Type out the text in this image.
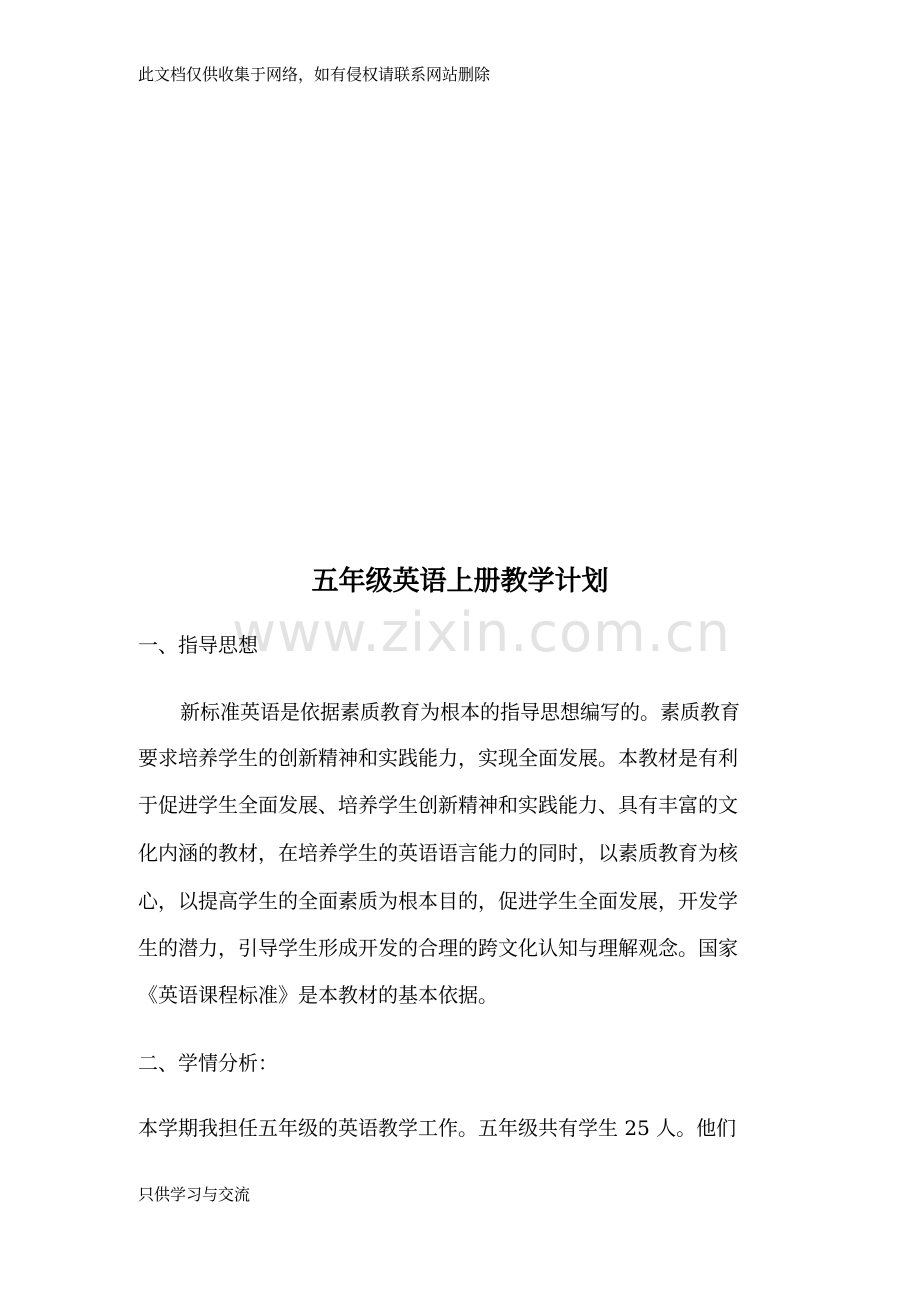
此文档仅供收集于网络，如有侵权请联系网站删除
www.zixin.com.cn
五年级英语上册教学计划
一、指导思想
新标准英语是依据素质教育为根本的指导思想编写的。素质教育
要求培养学生的创新精神和实践能力，实现全面发展。本教材是有利
于促进学生全面发展、培养学生创新精神和实践能力、具有丰富的文
化内涵的教材，在培养学生的英语语言能力的同时，以素质教育为核
心，以提高学生的全面素质为根本目的，促进学生全面发展，开发学
生的潜力，引导学生形成开发的合理的跨文化认知与理解观念。国家
《英语课程标准》是本教材的基本依据。
二、学情分析：
本学期我担任五年级的英语教学工作。五年级共有学生 25 人。他们
只供学习与交流
